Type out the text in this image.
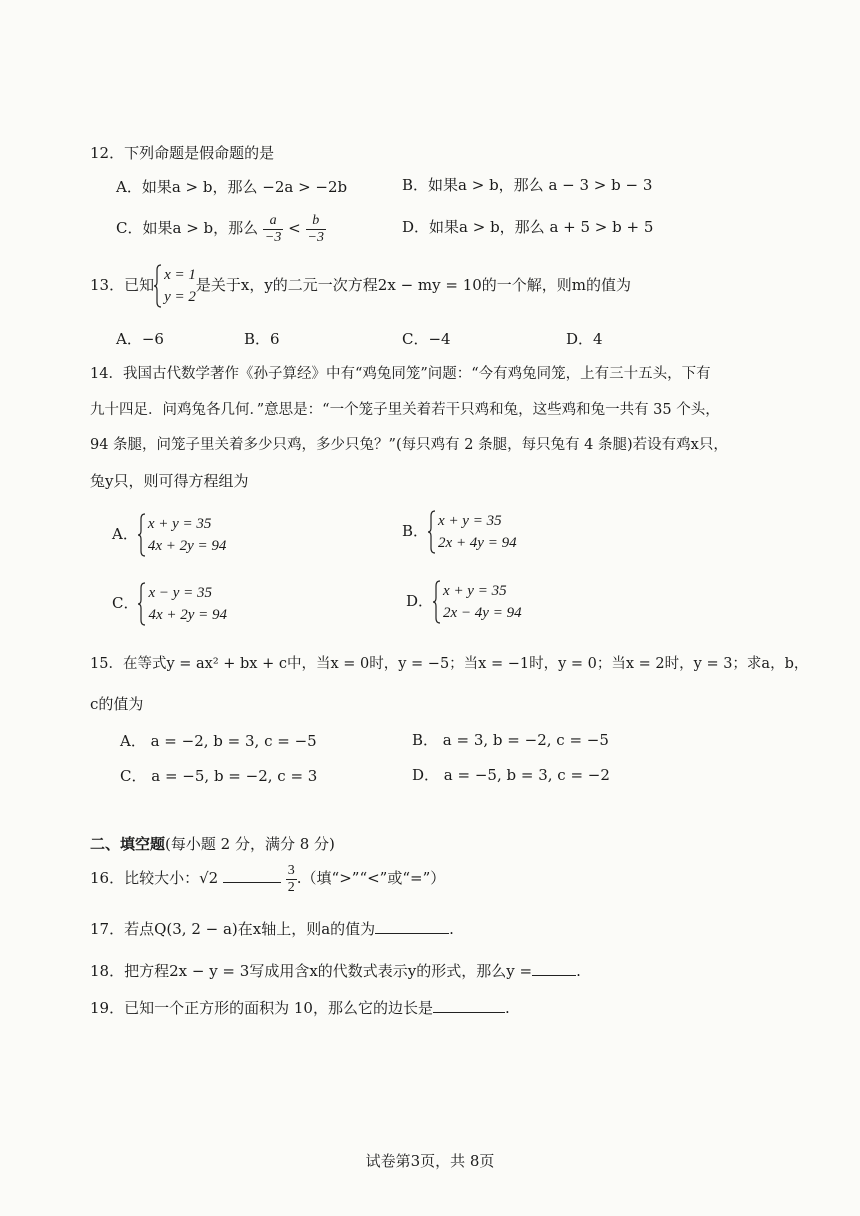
12．下列命题是假命题的是
A．如果a > b，那么 −2a > −2b	B．如果a > b，那么 a − 3 > b − 3
C．如果a > b，那么 $\frac{a}{-3} < \frac{b}{-3}$	D．如果a > b，那么 a + 5 > b + 5
13．已知
x = 1
y = 2
是关于x，y的二元一次方程2x − my = 10的一个解，则m的值为
A．−6	B．6	C．−4	D．4
14．我国古代数学著作《孙子算经》中有“鸡兔同笼”问题：“今有鸡兔同笼，上有三十五头，下有
九十四足．问鸡兔各几何．”意思是：“一个笼子里关着若干只鸡和兔，这些鸡和兔一共有 35 个头，
94 条腿，问笼子里关着多少只鸡，多少只兔？”(每只鸡有 2 条腿，每只兔有 4 条腿)若设有鸡x只，
兔y只，则可得方程组为
A．
x + y = 35
4x + 2y = 94
B．
x + y = 35
2x + 4y = 94
C．
x − y = 35
4x + 2y = 94
D．
x + y = 35
2x − 4y = 94
15．在等式y = ax² + bx + c中，当x = 0时，y = −5；当x = −1时，y = 0；当x = 2时，y = 3；求a，b，
c的值为
A． a = −2, b = 3, c = −5	B． a = 3, b = −2, c = −5
C． a = −5, b = −2, c = 3	D． a = −5, b = 3, c = −2
二、填空题(每小题 2 分，满分 8 分)
16．比较大小：√2	$\frac{3}{2}$ .（填“>”“<”或“=”）
17．若点Q(3, 2 − a)在x轴上，则a的值为	.
18．把方程2x − y = 3写成用含x的代数式表示y的形式，那么y =	.
19．已知一个正方形的面积为 10，那么它的边长是	.
试卷第3页，共 8页
